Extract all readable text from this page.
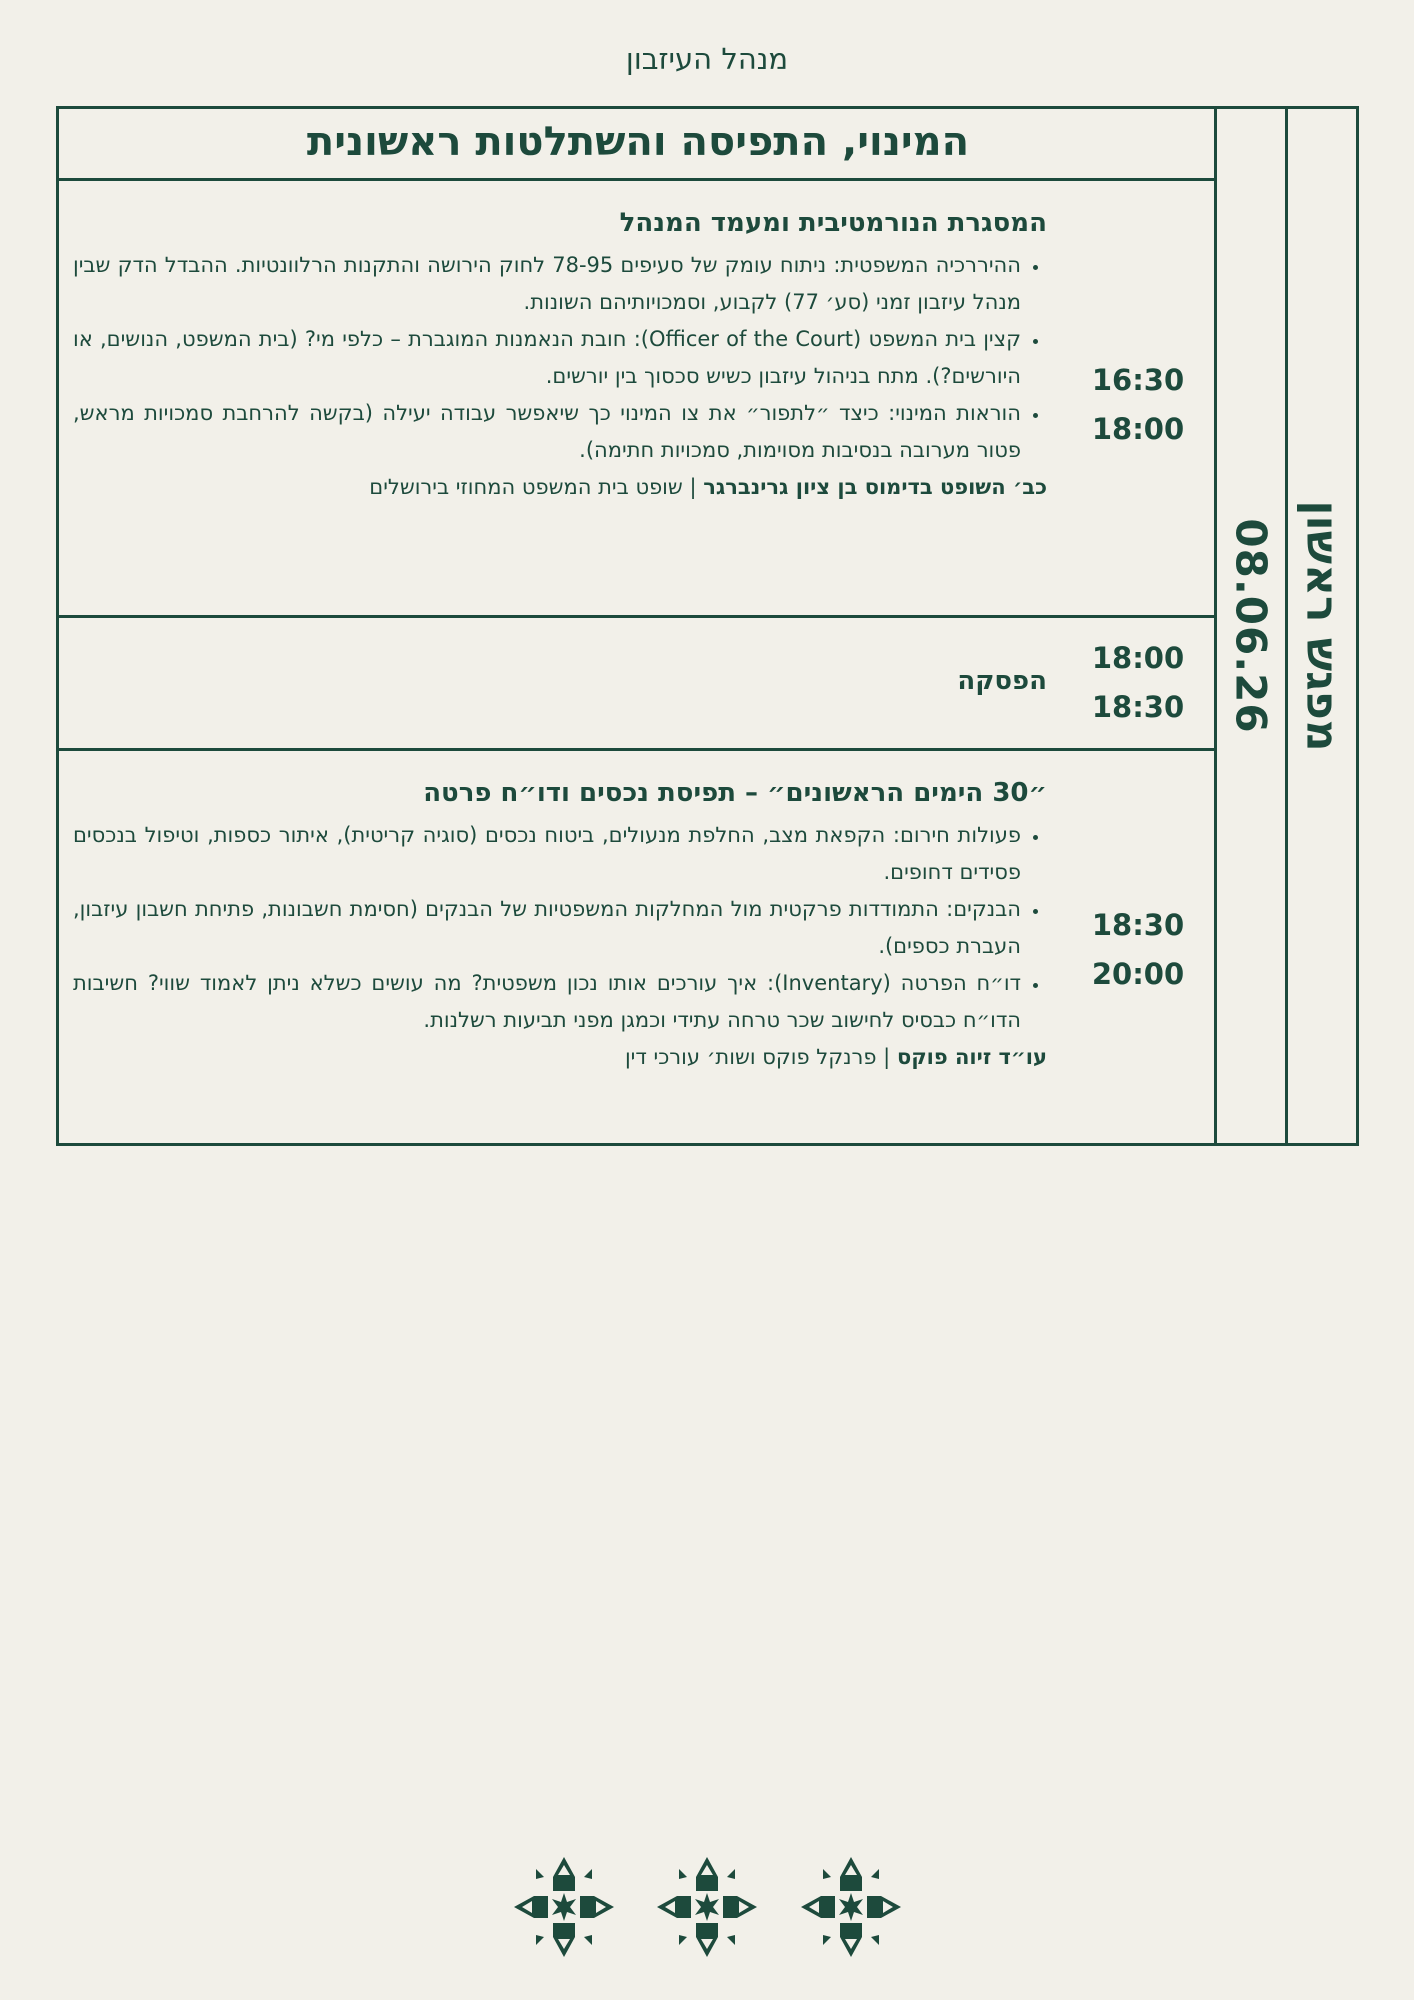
מנהל העיזבון
מפגש ראשון
08.06.26
המינוי, התפיסה והשתלטות ראשונית
16:30
18:00
המסגרת הנורמטיבית ומעמד המנהל
• ההיררכיה המשפטית: ניתוח עומק של סעיפים 78-95 לחוק הירושה והתקנות הרלוונטיות. ההבדל הדק שבין מנהל עיזבון זמני (סע׳ 77) לקבוע, וסמכויותיהם השונות.
• קצין בית המשפט (Officer of the Court): חובת הנאמנות המוגברת – כלפי מי? (בית המשפט, הנושים, או היורשים?). מתח בניהול עיזבון כשיש סכסוך בין יורשים.
• הוראות המינוי: כיצד ״לתפור״ את צו המינוי כך שיאפשר עבודה יעילה (בקשה להרחבת סמכויות מראש, פטור מערובה בנסיבות מסוימות, סמכויות חתימה).
כב׳ השופט בדימוס בן ציון גרינברגר | שופט בית המשפט המחוזי בירושלים
18:00
18:30
הפסקה
18:30
20:00
״30 הימים הראשונים״ – תפיסת נכסים ודו״ח פרטה
• פעולות חירום: הקפאת מצב, החלפת מנעולים, ביטוח נכסים (סוגיה קריטית), איתור כספות, וטיפול בנכסים פסידים דחופים.
• הבנקים: התמודדות פרקטית מול המחלקות המשפטיות של הבנקים (חסימת חשבונות, פתיחת חשבון עיזבון, העברת כספים).
• דו״ח הפרטה (Inventary): איך עורכים אותו נכון משפטית? מה עושים כשלא ניתן לאמוד שווי? חשיבות הדו״ח כבסיס לחישוב שכר טרחה עתידי וכמגן מפני תביעות רשלנות.
עו״ד זיוה פוקס | פרנקל פוקס ושות׳ עורכי דין
